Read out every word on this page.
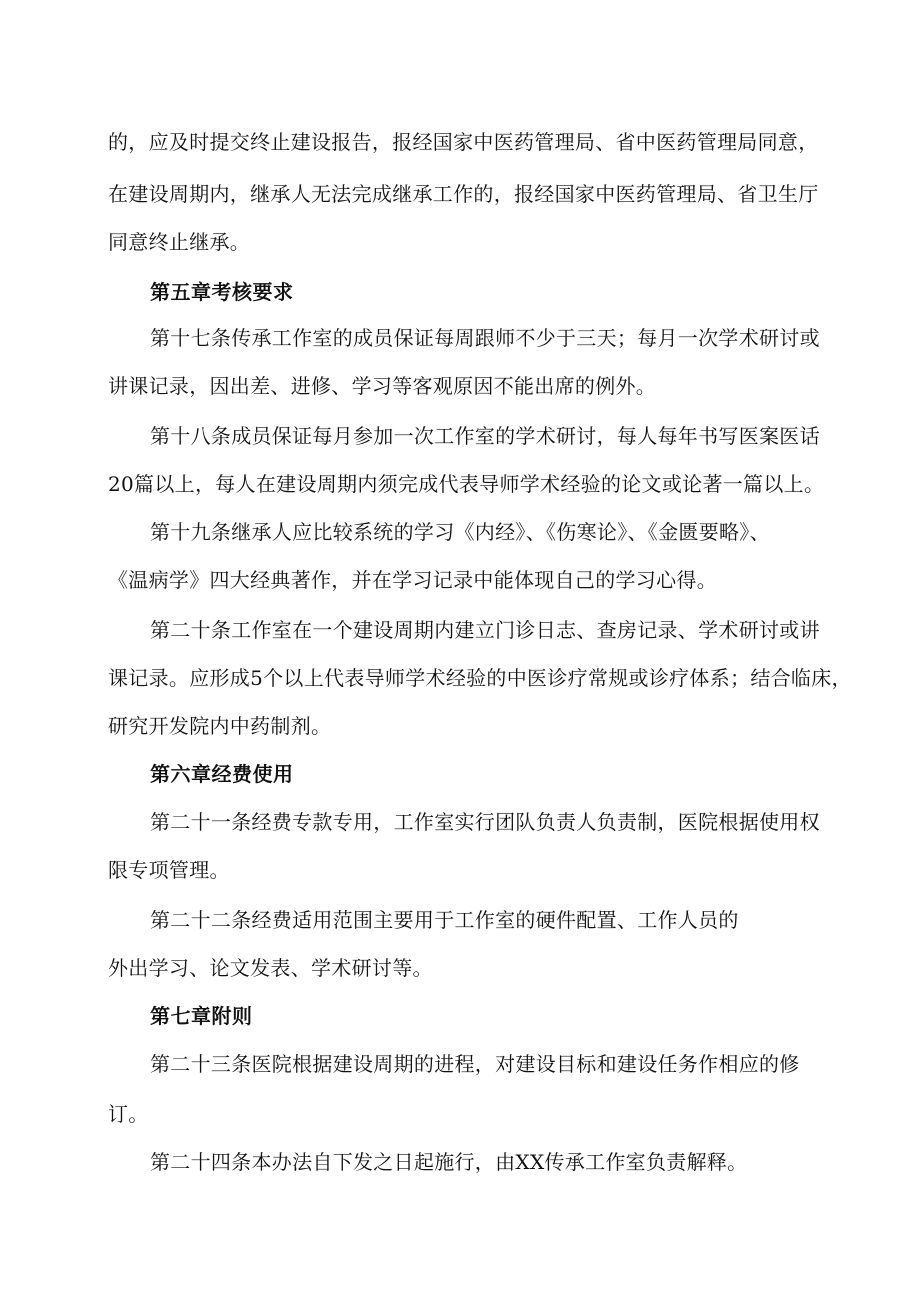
的，应及时提交终止建设报告，报经国家中医药管理局、省中医药管理局同意，
在建设周期内，继承人无法完成继承工作的，报经国家中医药管理局、省卫生厅
同意终止继承。
第五章考核要求
第十七条传承工作室的成员保证每周跟师不少于三天；每月一次学术研讨或
讲课记录，因出差、进修、学习等客观原因不能出席的例外。
第十八条成员保证每月参加一次工作室的学术研讨，每人每年书写医案医话
20篇以上，每人在建设周期内须完成代表导师学术经验的论文或论著一篇以上。
第十九条继承人应比较系统的学习《内经》、《伤寒论》、《金匮要略》、
《温病学》四大经典著作，并在学习记录中能体现自己的学习心得。
第二十条工作室在一个建设周期内建立门诊日志、查房记录、学术研讨或讲
课记录。应形成5个以上代表导师学术经验的中医诊疗常规或诊疗体系；结合临床，
研究开发院内中药制剂。
第六章经费使用
第二十一条经费专款专用，工作室实行团队负责人负责制，医院根据使用权
限专项管理。
第二十二条经费适用范围主要用于工作室的硬件配置、工作人员的
外出学习、论文发表、学术研讨等。
第七章附则
第二十三条医院根据建设周期的进程，对建设目标和建设任务作相应的修
订。
第二十四条本办法自下发之日起施行，由XX传承工作室负责解释。
